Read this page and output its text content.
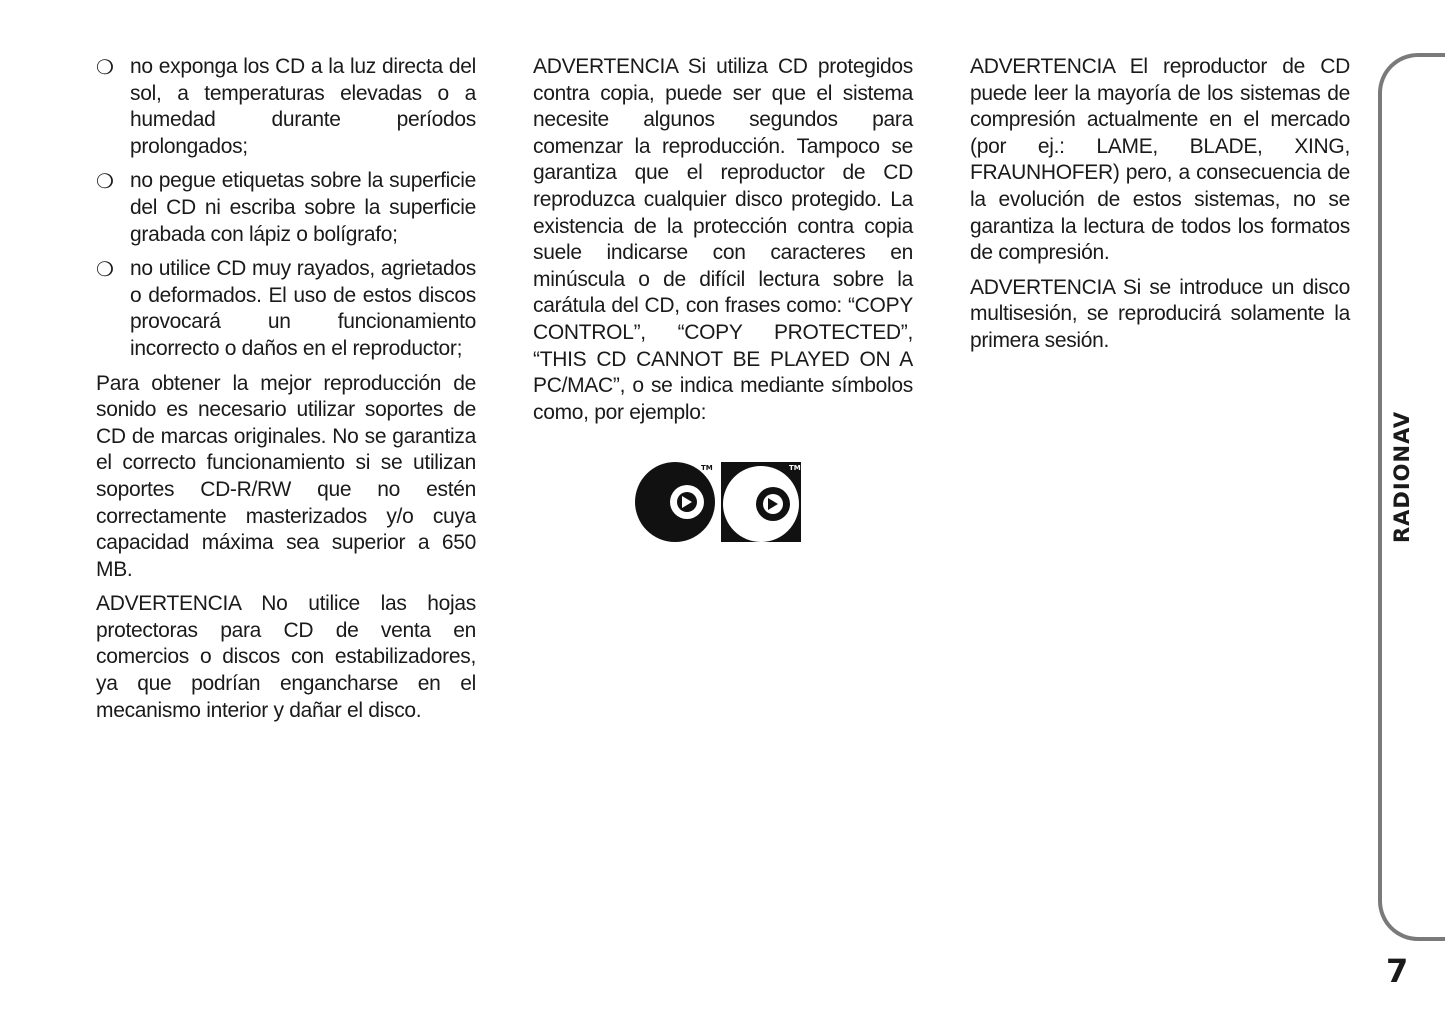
❍ no exponga los CD a la luz directa del sol, a temperaturas elevadas o a humedad durante períodos prolongados;
❍ no pegue etiquetas sobre la superficie del CD ni escriba sobre la superficie grabada con lápiz o bolígrafo;
❍ no utilice CD muy rayados, agrietados o deformados. El uso de estos discos provocará un funcionamiento incorrecto o daños en el reproductor;

Para obtener la mejor reproducción de sonido es necesario utilizar soportes de CD de marcas originales. No se garantiza el correcto funcionamiento si se utilizan soportes CD-R/RW que no estén correctamente masterizados y/o cuya capacidad máxima sea superior a 650 MB.

ADVERTENCIA No utilice las hojas protectoras para CD de venta en comercios o discos con estabilizadores, ya que podrían engancharse en el mecanismo interior y dañar el disco.

ADVERTENCIA Si utiliza CD protegidos contra copia, puede ser que el sistema necesite algunos segundos para comenzar la reproducción. Tampoco se garantiza que el reproductor de CD reproduzca cualquier disco protegido. La existencia de la protección contra copia suele indicarse con caracteres en minúscula o de difícil lectura sobre la carátula del CD, con frases como: “COPY CONTROL”, “COPY PROTECTED”, “THIS CD CANNOT BE PLAYED ON A PC/MAC”, o se indica mediante símbolos como, por ejemplo:

TM	TM

ADVERTENCIA El reproductor de CD puede leer la mayoría de los sistemas de compresión actualmente en el mercado (por ej.: LAME, BLADE, XING, FRAUNHOFER) pero, a consecuencia de la evolución de estos sistemas, no se garantiza la lectura de todos los formatos de compresión.

ADVERTENCIA Si se introduce un disco multisesión, se reproducirá solamente la primera sesión.

RADIONAV
7
